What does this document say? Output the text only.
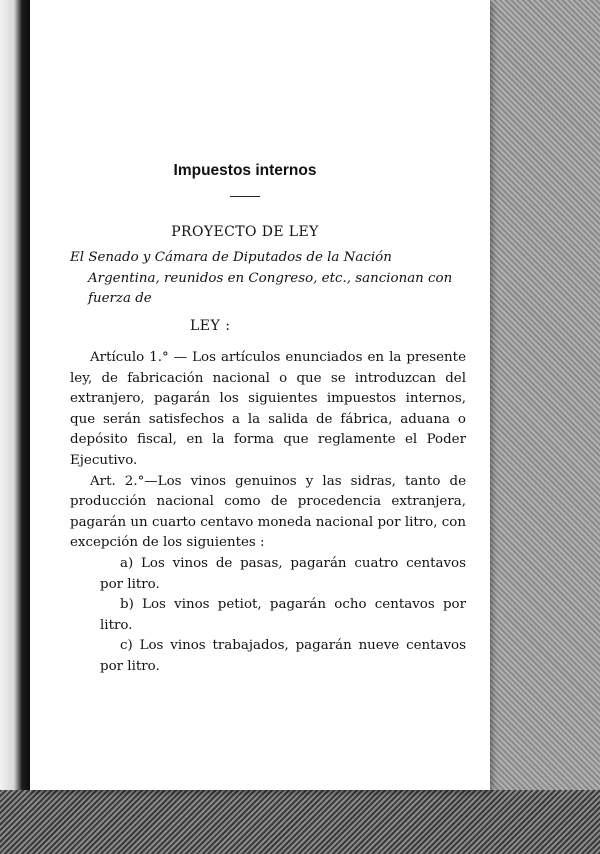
Impuestos internos
PROYECTO DE LEY

El Senado y Cámara de Diputados de la Nación Argentina, reunidos en Congreso, etc., sancionan con fuerza de

LEY :

Artículo 1.° — Los artículos enunciados en la presente ley, de fabricación nacional o que se introduzcan del extranjero, pagarán los siguientes impuestos internos, que serán satisfechos a la salida de fábrica, aduana o depósito fiscal, en la forma que reglamente el Poder Ejecutivo.

Art. 2.°—Los vinos genuinos y las sidras, tanto de producción nacional como de procedencia extranjera, pagarán un cuarto centavo moneda nacional por litro, con excepción de los siguientes :

a) Los vinos de pasas, pagarán cuatro centavos por litro.

b) Los vinos petiot, pagarán ocho centavos por litro.

c) Los vinos trabajados, pagarán nueve centavos por litro.
